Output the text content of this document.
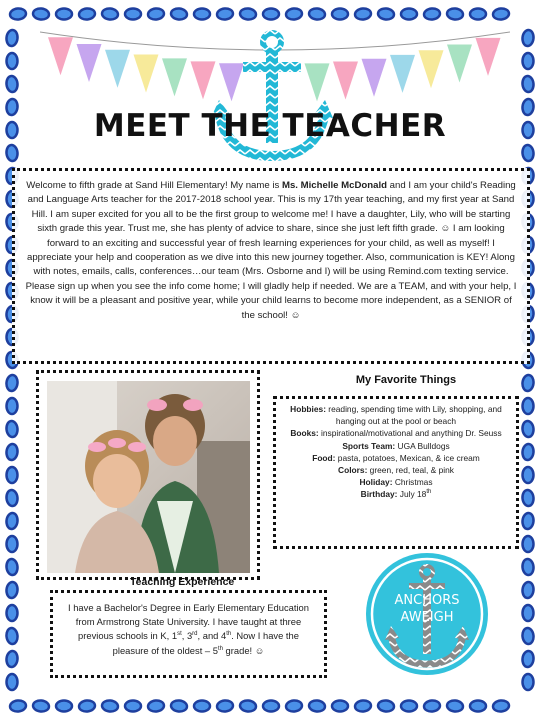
MEET THE TEACHER

Welcome to fifth grade at Sand Hill Elementary! My name is Ms. Michelle McDonald and I am your child's Reading and Language Arts teacher for the 2017-2018 school year. This is my 17th year teaching, and my first year at Sand Hill. I am super excited for you all to be the first group to welcome me! I have a daughter, Lily, who will be starting sixth grade this year. Trust me, she has plenty of advice to share, since she just left fifth grade. ☺ I am looking forward to an exciting and successful year of fresh learning experiences for your child, as well as myself! I appreciate your help and cooperation as we dive into this new journey together. Also, communication is KEY! Along with notes, emails, calls, conferences…our team (Mrs. Osborne and I) will be using Remind.com texting service. Please sign up when you see the info come home; I will gladly help if needed. We are a TEAM, and with your help, I know it will be a pleasant and positive year, while your child learns to become more independent, as a SENIOR of the school! ☺

My Favorite Things
Hobbies: reading, spending time with Lily, shopping, and hanging out at the pool or beach
Books: inspirational/motivational and anything Dr. Seuss
Sports Team: UGA Bulldogs
Food: pasta, potatoes, Mexican, & ice cream
Colors: green, red, teal, & pink
Holiday: Christmas
Birthday: July 18th
Teaching Experience

I have a Bachelor's Degree in Early Elementary Education from Armstrong State University. I have taught at three previous schools in K, 1st, 3rd, and 4th. Now I have the pleasure of the oldest – 5th grade! ☺

ANCHORS
AWEIGH
